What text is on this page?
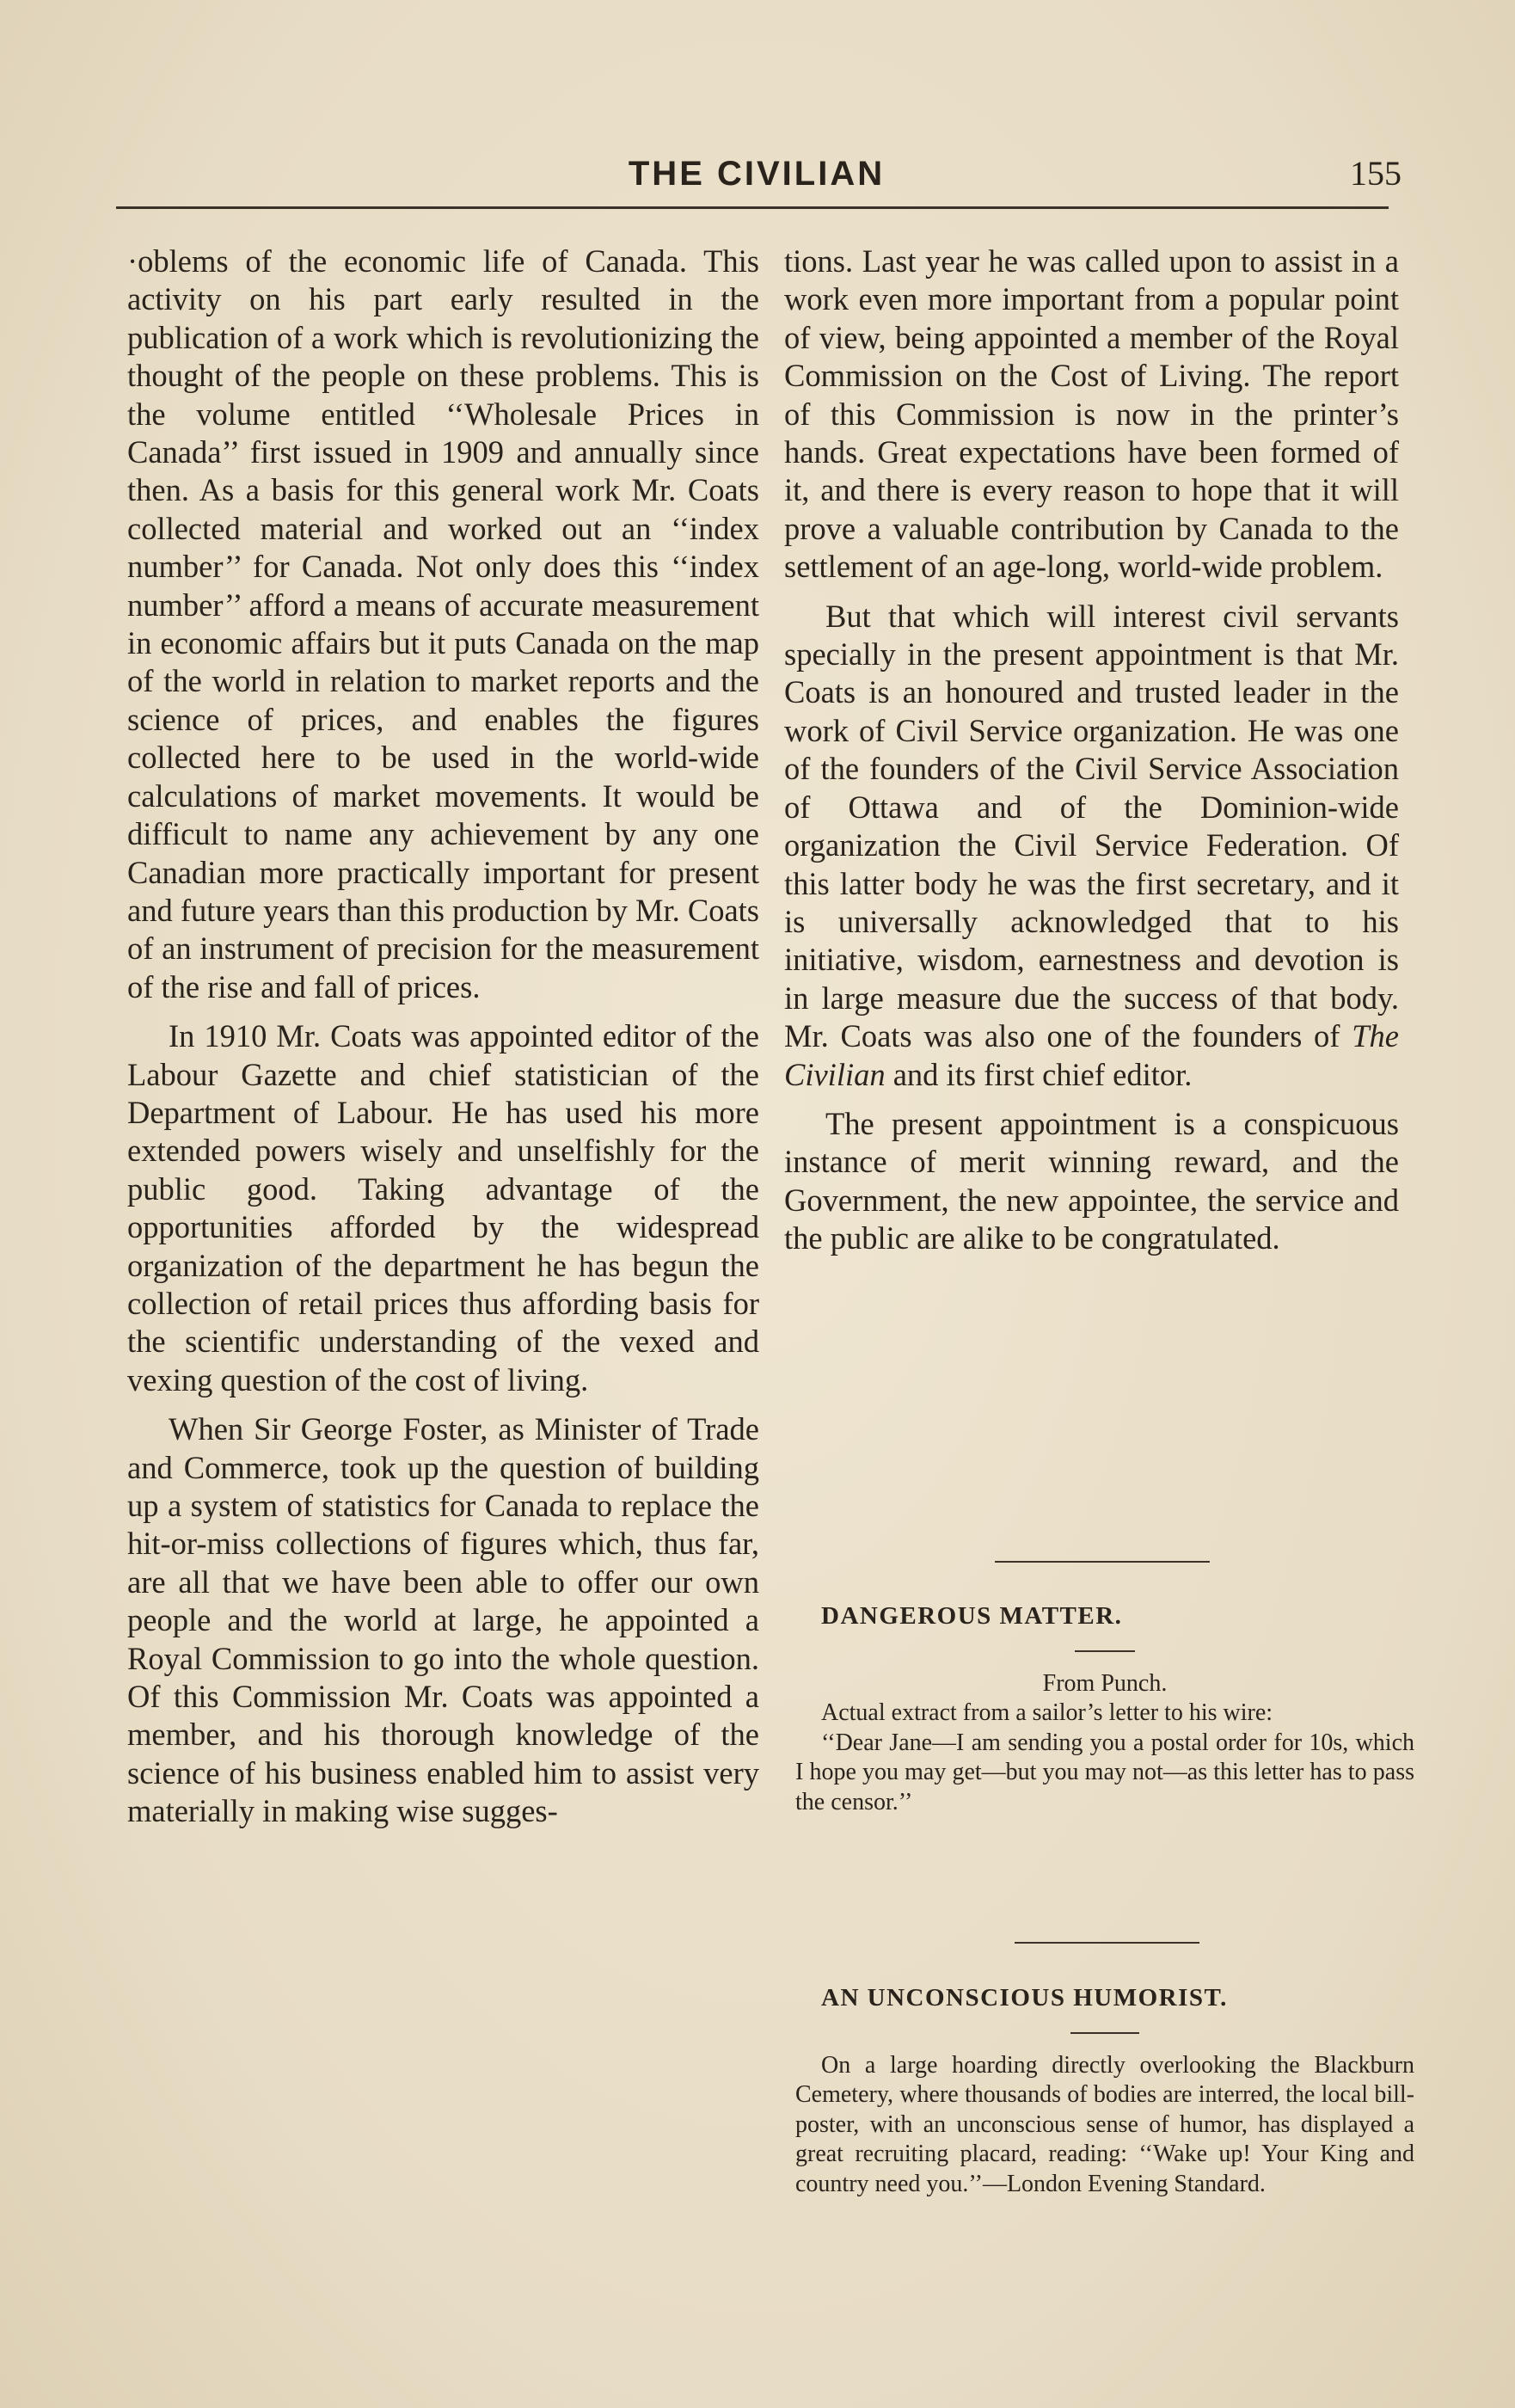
THE CIVILIAN	155

·oblems of the economic life of Canada. This activity on his part early resulted in the publication of a work which is revolutionizing the thought of the people on these problems. This is the volume entitled ‘‘Wholesale Prices in Canada’’ first issued in 1909 and annually since then. As a basis for this general work Mr. Coats collected material and worked out an ‘‘index number’’ for Canada. Not only does this ‘‘index number’’ afford a means of accurate measurement in economic affairs but it puts Canada on the map of the world in relation to market reports and the science of prices, and enables the figures collected here to be used in the world-wide calculations of market movements. It would be difficult to name any achievement by any one Canadian more practically important for present and future years than this production by Mr. Coats of an instrument of precision for the measurement of the rise and fall of prices.

In 1910 Mr. Coats was appointed editor of the Labour Gazette and chief statistician of the Department of Labour. He has used his more extended powers wisely and unselfishly for the public good. Taking advantage of the opportunities afforded by the widespread organization of the department he has begun the collection of retail prices thus affording basis for the scientific understanding of the vexed and vexing question of the cost of living.

When Sir George Foster, as Minister of Trade and Commerce, took up the question of building up a system of statistics for Canada to replace the hit-or-miss collections of figures which, thus far, are all that we have been able to offer our own people and the world at large, he appointed a Royal Commission to go into the whole question. Of this Commission Mr. Coats was appointed a member, and his thorough knowledge of the science of his business enabled him to assist very materially in making wise sugges-

tions. Last year he was called upon to assist in a work even more important from a popular point of view, being appointed a member of the Royal Commission on the Cost of Living. The report of this Commission is now in the printer’s hands. Great expectations have been formed of it, and there is every reason to hope that it will prove a valuable contribution by Canada to the settlement of an age-long, world-wide problem.

But that which will interest civil servants specially in the present appointment is that Mr. Coats is an honoured and trusted leader in the work of Civil Service organization. He was one of the founders of the Civil Service Association of Ottawa and of the Dominion-wide organization the Civil Service Federation. Of this latter body he was the first secretary, and it is universally acknowledged that to his initiative, wisdom, earnestness and devotion is in large measure due the success of that body. Mr. Coats was also one of the founders of The Civilian and its first chief editor.

The present appointment is a conspicuous instance of merit winning reward, and the Government, the new appointee, the service and the public are alike to be congratulated.

DANGEROUS MATTER.

From Punch.

Actual extract from a sailor’s letter to his wire:

‘‘Dear Jane—I am sending you a postal order for 10s, which I hope you may get—but you may not—as this letter has to pass the censor.’’

AN UNCONSCIOUS HUMORIST.

On a large hoarding directly overlooking the Blackburn Cemetery, where thousands of bodies are interred, the local bill-poster, with an unconscious sense of humor, has displayed a great recruiting placard, reading: ‘‘Wake up! Your King and country need you.’’—London Evening Standard.
